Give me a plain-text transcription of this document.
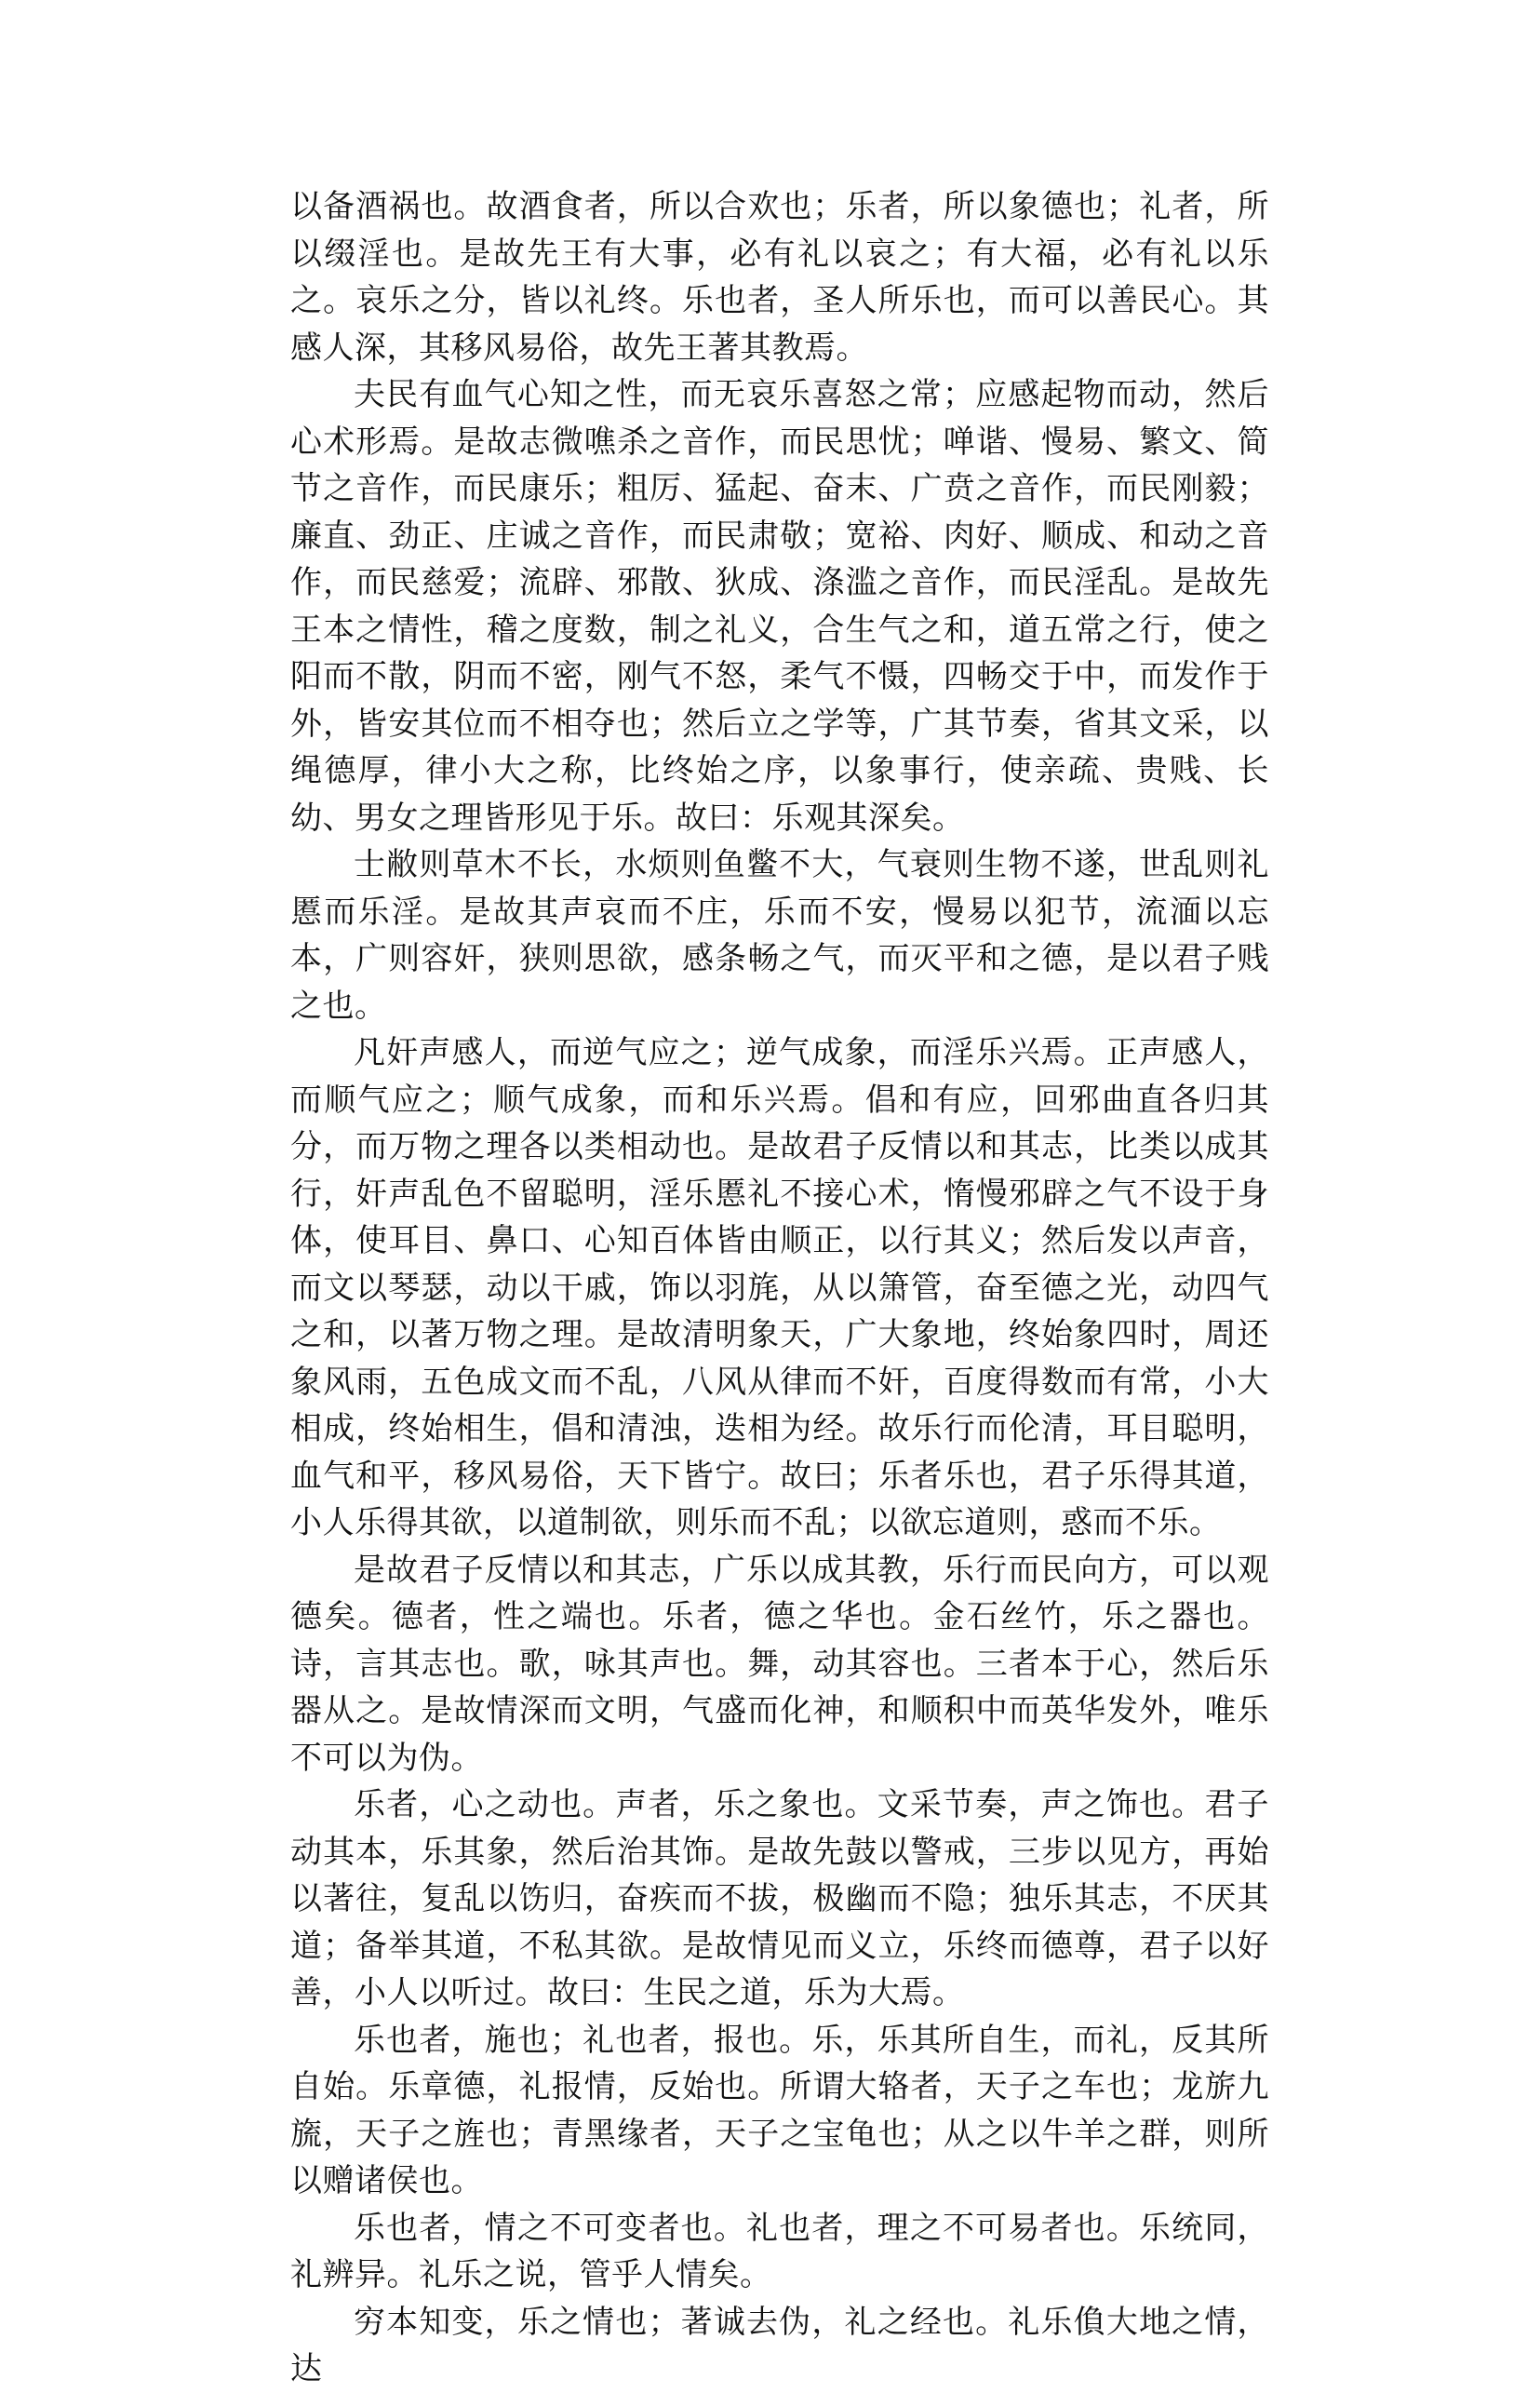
以备酒祸也。故酒食者，所以合欢也；乐者，所以象德也；礼者，所以缀淫也。是故先王有大事，必有礼以哀之；有大福，必有礼以乐之。哀乐之分，皆以礼终。乐也者，圣人所乐也，而可以善民心。其感人深，其移风易俗，故先王著其教焉。

夫民有血气心知之性，而无哀乐喜怒之常；应感起物而动，然后心术形焉。是故志微噍杀之音作，而民思忧；啴谐、慢易、繁文、简节之音作，而民康乐；粗厉、猛起、奋末、广贲之音作，而民刚毅；廉直、劲正、庄诚之音作，而民肃敬；宽裕、肉好、顺成、和动之音作，而民慈爱；流辟、邪散、狄成、涤滥之音作，而民淫乱。是故先王本之情性，稽之度数，制之礼义，合生气之和，道五常之行，使之阳而不散，阴而不密，刚气不怒，柔气不慑，四畅交于中，而发作于外，皆安其位而不相夺也；然后立之学等，广其节奏，省其文采，以绳德厚，律小大之称，比终始之序，以象事行，使亲疏、贵贱、长幼、男女之理皆形见于乐。故曰：乐观其深矣。

士敝则草木不长，水烦则鱼鳖不大，气衰则生物不遂，世乱则礼慝而乐淫。是故其声哀而不庄，乐而不安，慢易以犯节，流湎以忘本，广则容奸，狭则思欲，感条畅之气，而灭平和之德，是以君子贱之也。

凡奸声感人，而逆气应之；逆气成象，而淫乐兴焉。正声感人，而顺气应之；顺气成象，而和乐兴焉。倡和有应，回邪曲直各归其分，而万物之理各以类相动也。是故君子反情以和其志，比类以成其行，奸声乱色不留聪明，淫乐慝礼不接心术，惰慢邪辟之气不设于身体，使耳目、鼻口、心知百体皆由顺正，以行其义；然后发以声音，而文以琴瑟，动以干戚，饰以羽旄，从以箫管，奋至德之光，动四气之和，以著万物之理。是故清明象天，广大象地，终始象四时，周还象风雨，五色成文而不乱，八风从律而不奸，百度得数而有常，小大相成，终始相生，倡和清浊，迭相为经。故乐行而伦清，耳目聪明，血气和平，移风易俗，天下皆宁。故曰；乐者乐也，君子乐得其道，小人乐得其欲，以道制欲，则乐而不乱；以欲忘道则，惑而不乐。

是故君子反情以和其志，广乐以成其教，乐行而民向方，可以观德矣。德者，性之端也。乐者，德之华也。金石丝竹，乐之器也。诗，言其志也。歌，咏其声也。舞，动其容也。三者本于心，然后乐器从之。是故情深而文明，气盛而化神，和顺积中而英华发外，唯乐不可以为伪。

乐者，心之动也。声者，乐之象也。文采节奏，声之饰也。君子动其本，乐其象，然后治其饰。是故先鼓以警戒，三步以见方，再始以著往，复乱以饬归，奋疾而不拔，极幽而不隐；独乐其志，不厌其道；备举其道，不私其欲。是故情见而义立，乐终而德尊，君子以好善，小人以听过。故曰：生民之道，乐为大焉。

乐也者，施也；礼也者，报也。乐，乐其所自生，而礼，反其所自始。乐章德，礼报情，反始也。所谓大辂者，天子之车也；龙旂九旒，天子之旌也；青黑缘者，天子之宝龟也；从之以牛羊之群，则所以赠诸侯也。

乐也者，情之不可变者也。礼也者，理之不可易者也。乐统同，礼辨异。礼乐之说，管乎人情矣。

穷本知变，乐之情也；著诚去伪，礼之经也。礼乐偩大地之情，达
